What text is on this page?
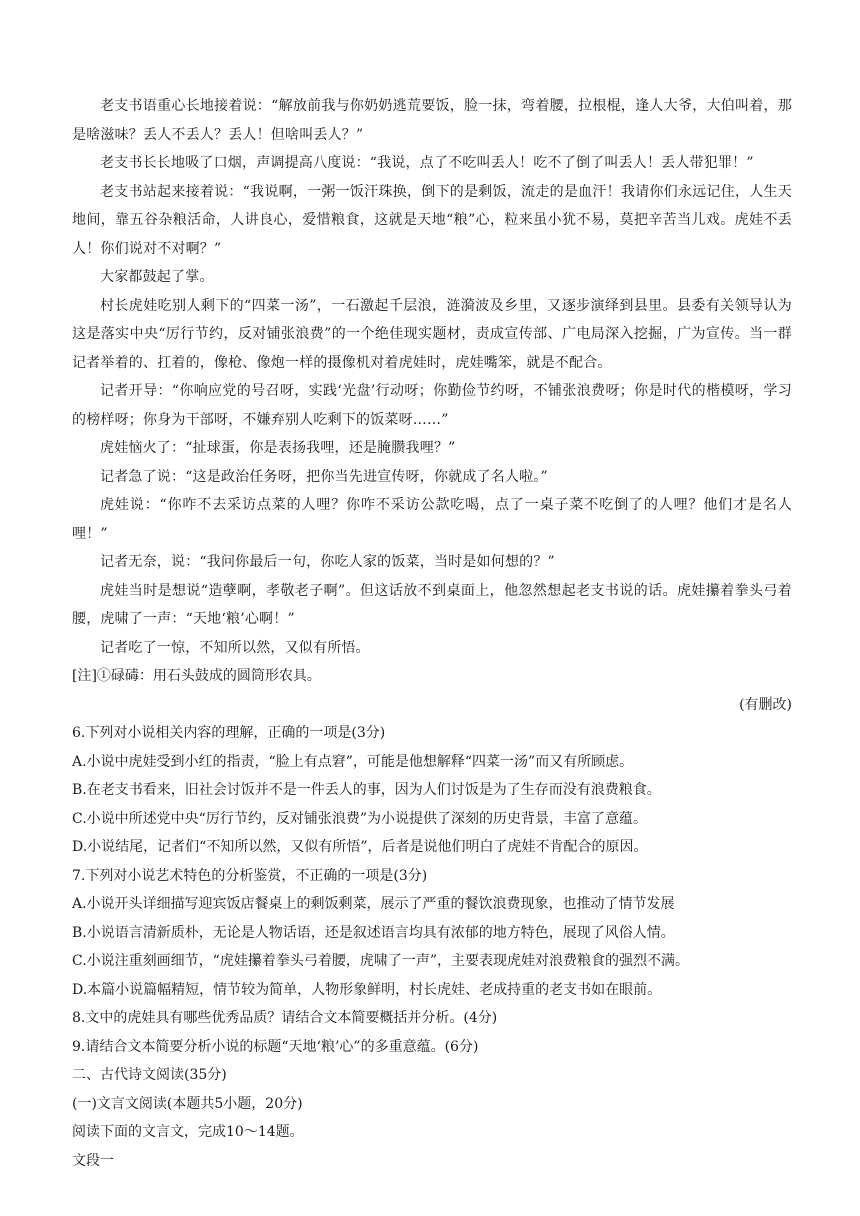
老支书语重心长地接着说：“解放前我与你奶奶逃荒要饭，脸一抹，弯着腰，拉根棍，逢人大爷，大伯叫着，那是啥滋味？丢人不丢人？丢人！但啥叫丢人？”

老支书长长地吸了口烟，声调提高八度说：“我说，点了不吃叫丢人！吃不了倒了叫丢人！丢人带犯罪！”

老支书站起来接着说：“我说啊，一粥一饭汗珠换，倒下的是剩饭，流走的是血汗！我请你们永远记住，人生天地间，靠五谷杂粮活命，人讲良心，爱惜粮食，这就是天地“粮”心，粒来虽小犹不易，莫把辛苦当儿戏。虎娃不丢人！你们说对不对啊？”

大家都鼓起了掌。

村长虎娃吃别人剩下的“四菜一汤”，一石激起千层浪，涟漪波及乡里，又逐步演绎到县里。县委有关领导认为这是落实中央“厉行节约，反对铺张浪费”的一个绝佳现实题材，责成宣传部、广电局深入挖掘，广为宣传。当一群记者举着的、扛着的，像枪、像炮一样的摄像机对着虎娃时，虎娃嘴笨，就是不配合。

记者开导：“你响应党的号召呀，实践‘光盘’行动呀；你勤俭节约呀，不铺张浪费呀；你是时代的楷模呀，学习的榜样呀；你身为干部呀，不嫌弃别人吃剩下的饭菜呀……”

虎娃恼火了：“扯球蛋，你是表扬我哩，还是腌臜我哩？”

记者急了说：“这是政治任务呀，把你当先进宣传呀，你就成了名人啦。”

虎娃说：“你咋不去采访点菜的人哩？你咋不采访公款吃喝，点了一桌子菜不吃倒了的人哩？他们才是名人哩！”

记者无奈，说：“我问你最后一句，你吃人家的饭菜，当时是如何想的？”

虎娃当时是想说“造孽啊，孝敬老子啊”。但这话放不到桌面上，他忽然想起老支书说的话。虎娃攥着拳头弓着腰，虎啸了一声：“天地‘粮’心啊！”

记者吃了一惊，不知所以然，又似有所悟。

[注]①碌碡：用石头鼓成的圆筒形农具。

(有删改)

6.下列对小说相关内容的理解，正确的一项是(3分)

A.小说中虎娃受到小红的指责，“脸上有点窘”，可能是他想解释“四菜一汤”而又有所顾虑。

B.在老支书看来，旧社会讨饭并不是一件丢人的事，因为人们讨饭是为了生存而没有浪费粮食。

C.小说中所述党中央“厉行节约，反对铺张浪费”为小说提供了深刻的历史背景，丰富了意蕴。

D.小说结尾，记者们“不知所以然，又似有所悟”，后者是说他们明白了虎娃不肯配合的原因。

7.下列对小说艺术特色的分析鉴赏，不正确的一项是(3分)

A.小说开头详细描写迎宾饭店餐桌上的剩饭剩菜，展示了严重的餐饮浪费现象，也推动了情节发展

B.小说语言清新质朴，无论是人物话语，还是叙述语言均具有浓郁的地方特色，展现了风俗人情。

C.小说注重刻画细节，“虎娃攥着拳头弓着腰，虎啸了一声”，主要表现虎娃对浪费粮食的强烈不满。

D.本篇小说篇幅精短，情节较为简单，人物形象鲜明，村长虎娃、老成持重的老支书如在眼前。

8.文中的虎娃具有哪些优秀品质？请结合文本简要概括并分析。(4分)

9.请结合文本简要分析小说的标题“天地‘粮’心”的多重意蕴。(6分)

二、古代诗文阅读(35分)

(一)文言文阅读(本题共5小题，20分)

阅读下面的文言文，完成10～14题。

文段一
